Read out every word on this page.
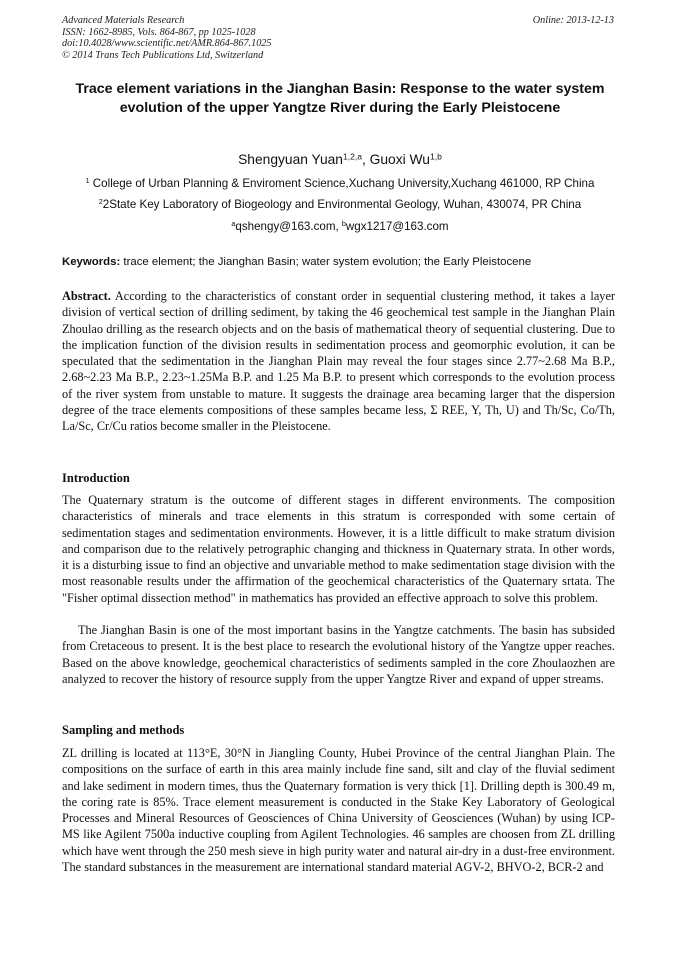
Advanced Materials Research
ISSN: 1662-8985, Vols. 864-867, pp 1025-1028
doi:10.4028/www.scientific.net/AMR.864-867.1025
© 2014 Trans Tech Publications Ltd, Switzerland
Online: 2013-12-13
Trace element variations in the Jianghan Basin: Response to the water system evolution of the upper Yangtze River during the Early Pleistocene
Shengyuan Yuan$^{1,2,a}$, Guoxi Wu$^{1,b}$
$^1$ College of Urban Planning & Enviroment Science,Xuchang University,Xuchang 461000, RP China
$^2$2State Key Laboratory of Biogeology and Environmental Geology, Wuhan, 430074, PR China
$^a$qshengy@163.com, $^b$wgx1217@163.com
Keywords: trace element; the Jianghan Basin; water system evolution; the Early Pleistocene
Abstract. According to the characteristics of constant order in sequential clustering method, it takes a layer division of vertical section of drilling sediment, by taking the 46 geochemical test sample in the Jianghan Plain Zhoulao drilling as the research objects and on the basis of mathematical theory of sequential clustering. Due to the implication function of the division results in sedimentation process and geomorphic evolution, it can be speculated that the sedimentation in the Jianghan Plain may reveal the four stages since 2.77~2.68 Ma B.P., 2.68~2.23 Ma B.P., 2.23~1.25Ma B.P. and 1.25 Ma B.P. to present which corresponds to the evolution process of the river system from unstable to mature. It suggests the drainage area becaming larger that the dispersion degree of the trace elements compositions of these samples became less, Σ REE, Y, Th, U) and Th/Sc, Co/Th, La/Sc, Cr/Cu ratios become smaller in the Pleistocene.
Introduction
The Quaternary stratum is the outcome of different stages in different environments. The composition characteristics of minerals and trace elements in this stratum is corresponded with some certain of sedimentation stages and sedimentation environments. However, it is a little difficult to make stratum division and comparison due to the relatively petrographic changing and thickness in Quaternary strata. In other words, it is a disturbing issue to find an objective and unvariable method to make sedimentation stage division with the most reasonable results under the affirmation of the geochemical characteristics of the Quaternary srtata. The "Fisher optimal dissection method" in mathematics has provided an effective approach to solve this problem.
The Jianghan Basin is one of the most important basins in the Yangtze catchments. The basin has subsided from Cretaceous to present. It is the best place to research the evolutional history of the Yangtze upper reaches. Based on the above knowledge, geochemical characteristics of sediments sampled in the core Zhoulaozhen are analyzed to recover the history of resource supply from the upper Yangtze River and expand of upper streams.
Sampling and methods
ZL drilling is located at 113°E, 30°N in Jiangling County, Hubei Province of the central Jianghan Plain. The compositions on the surface of earth in this area mainly include fine sand, silt and clay of the fluvial sediment and lake sediment in modern times, thus the Quaternary formation is very thick [1]. Drilling depth is 300.49 m, the coring rate is 85%. Trace element measurement is conducted in the Stake Key Laboratory of Geological Processes and Mineral Resources of Geosciences of China University of Geosciences (Wuhan) by using ICP-MS like Agilent 7500a inductive coupling from Agilent Technologies. 46 samples are choosen from ZL drilling which have went through the 250 mesh sieve in high purity water and natural air-dry in a dust-free environment. The standard substances in the measurement are international standard material AGV-2, BHVO-2, BCR-2 and
